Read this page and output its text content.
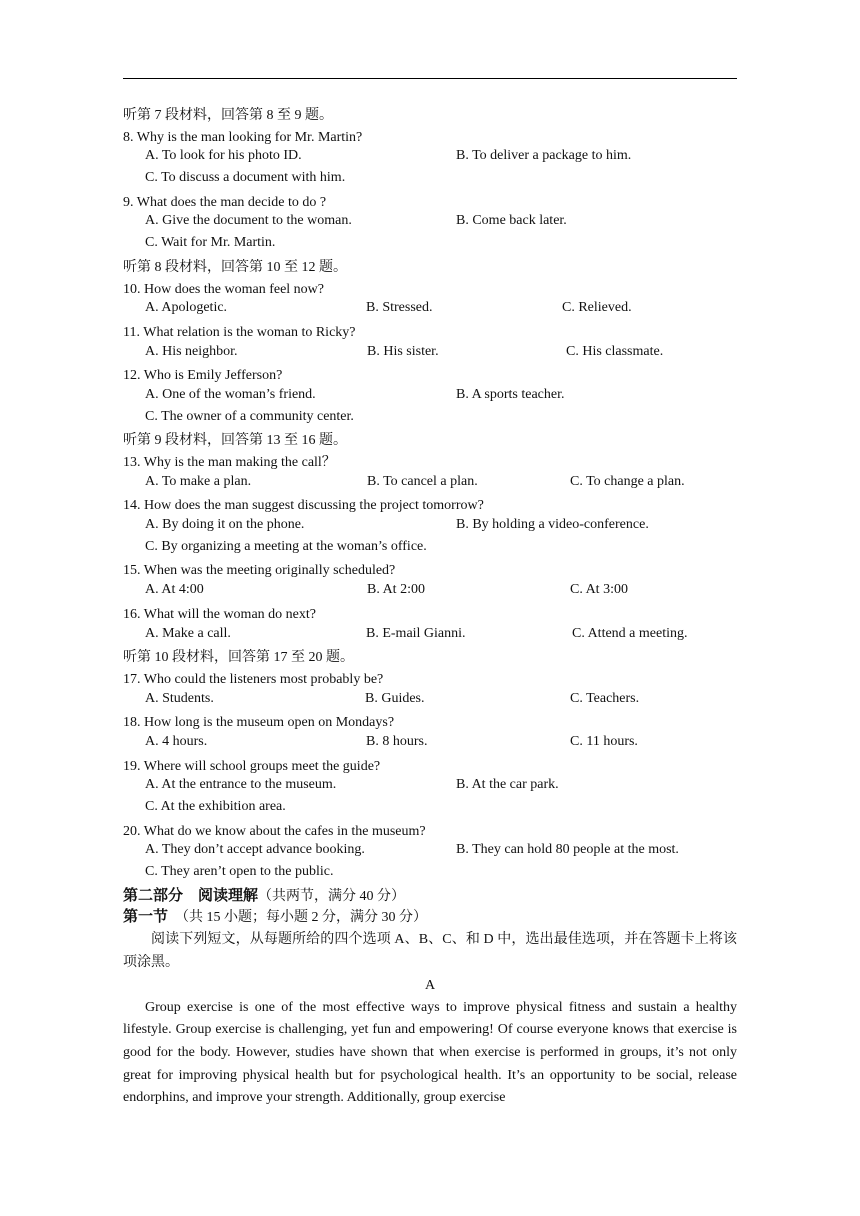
听第 7 段材料，回答第 8 至 9 题。
8. Why is the man looking for Mr. Martin?
A. To look for his photo ID.	B. To deliver a package to him.
C. To discuss a document with him.
9. What does the man decide to do ?
A. Give the document to the woman.	B. Come back later.
C. Wait for Mr. Martin.
听第 8 段材料，回答第 10 至 12 题。
10. How does the woman feel now?
A. Apologetic.	B. Stressed.	C. Relieved.
11. What relation is the woman to Ricky?
A. His neighbor.	B. His sister.	C. His classmate.
12. Who is Emily Jefferson?
A. One of the woman’s friend.	B. A sports teacher.
C. The owner of a community center.
听第 9 段材料，回答第 13 至 16 题。
13. Why is the man making the call？
A. To make a plan.	B. To cancel a plan.	C. To change a plan.
14. How does the man suggest discussing the project tomorrow?
A. By doing it on the phone.	B. By holding a video-conference.
C. By organizing a meeting at the woman’s office.
15. When was the meeting originally scheduled?
A. At 4:00	B. At 2:00	C. At 3:00
16. What will the woman do next?
A. Make a call.	B. E-mail Gianni.	C. Attend a meeting.
听第 10 段材料，回答第 17 至 20 题。
17. Who could the listeners most probably be?
A. Students.	B. Guides.	C. Teachers.
18. How long is the museum open on Mondays?
A. 4 hours.	B. 8 hours.	C. 11 hours.
19. Where will school groups meet the guide?
A. At the entrance to the museum.	B. At the car park.
C. At the exhibition area.
20. What do we know about the cafes in the museum?
A. They don’t accept advance booking.	B. They can hold 80 people at the most.
C. They aren’t open to the public.
第二部分　阅读理解（共两节，满分 40 分）
第一节　（共 15 小题；每小题 2 分，满分 30 分）
阅读下列短文，从每题所给的四个选项 A、B、C、和 D 中，选出最佳选项，并在答题卡上将该项涂黑。
A
Group exercise is one of the most effective ways to improve physical fitness and sustain a healthy lifestyle. Group exercise is challenging, yet fun and empowering! Of course everyone knows that exercise is good for the body. However, studies have shown that when exercise is performed in groups, it’s not only great for improving physical health but for psychological health. It’s an opportunity to be social, release endorphins, and improve your strength. Additionally, group exercise
